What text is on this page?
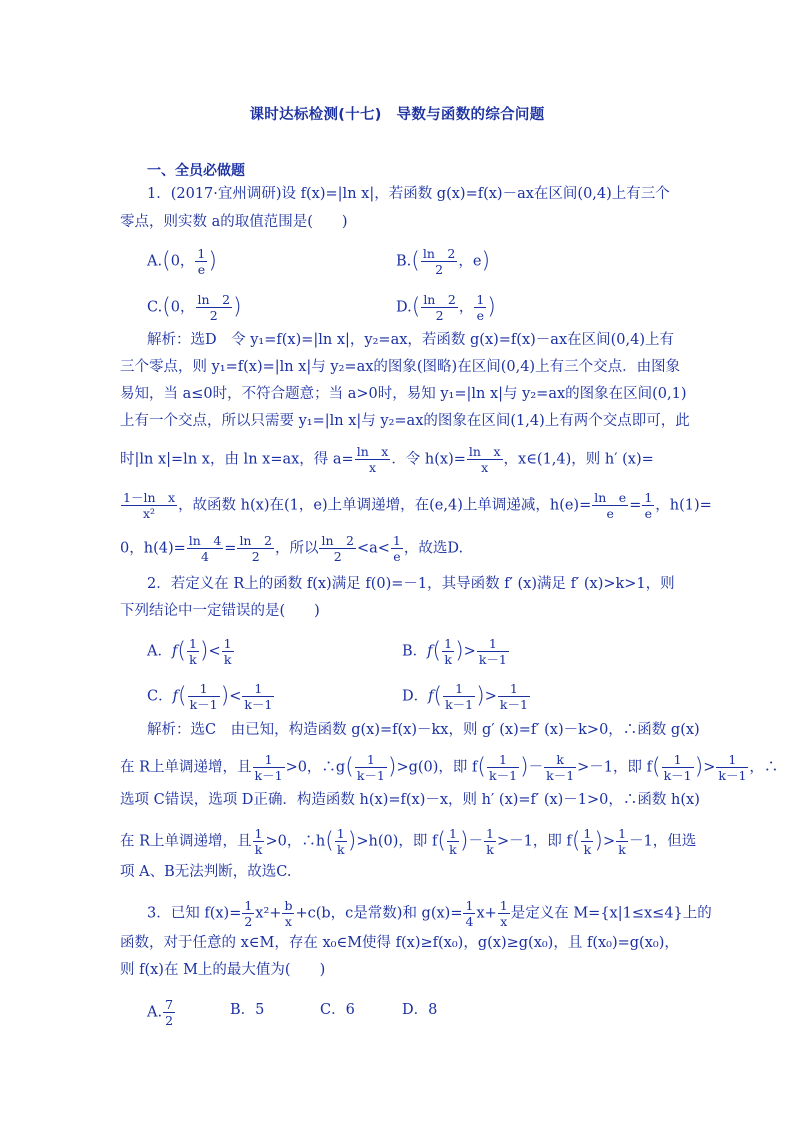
课时达标检测(十七)　导数与函数的综合问题
一、全员必做题
1．(2017·宜州调研)设 f(x)=|ln x|，若函数 g(x)=f(x)－ax在区间(0,4)上有三个
零点，则实数 a的取值范围是(　　)
A.(0， $\frac{1}{e}$ )	$B.( \frac{\ln 2}{2}$ ，e)
C.(0， $\frac{\ln 2}{2}$ )	$D.( \frac{\ln 2}{2}$ ， $\frac{1}{e}$ )
解析：选D　令 y₁=f(x)=|ln x|，y₂=ax，若函数 g(x)=f(x)－ax在区间(0,4)上有
三个零点，则 y₁=f(x)=|ln x|与 y₂=ax的图象(图略)在区间(0,4)上有三个交点．由图象
易知，当 a≤0时，不符合题意；当 a>0时，易知 y₁=|ln x|与 y₂=ax的图象在区间(0,1)
上有一个交点，所以只需要 y₁=|ln x|与 y₂=ax的图象在区间(1,4)上有两个交点即可，此
时|ln x|=ln x，由 ln x=ax，得 $a= \frac{\text{ln　x}}{x}$ ．令 $h(x)= \frac{\text{ln　x}}{x}$ ，x∈(1,4)，则 h′ (x)=
$\frac{\text{1－ln　x}}{\text{x²}}$ ，故函数 h(x)在(1，e)上单调递增，在(e,4)上单调递减，$h(e)= \frac{\text{ln　e}}{e} = \frac{1}{e}$ ，h(1)=
0，$h(4)= \frac{\ln 4}{4} = \frac{\ln 2}{2}$ ，所以 $\frac{\ln 2}{2} <a< \frac{1}{e}$ ，故选D.
2．若定义在 R上的函数 f(x)满足 f(0)=－1，其导函数 f′ (x)满足 f′ (x)>k>1，则
下列结论中一定错误的是(　　)
A．$f( \frac{1}{k}$ )< $\frac{1}{k}$	B．$f( \frac{1}{k}$ )> $\frac{1}{k-1}$
C．$f( \frac{1}{k-1}$ )< $\frac{1}{k-1}$	D．$f( \frac{1}{k-1}$ )> $\frac{1}{k-1}$
解析：选C　由已知，构造函数 g(x)=f(x)－kx，则 g′ (x)=f′ (x)－k>0，∴函数 g(x)
在 R上单调递增，且 $\frac{1}{k-1} >0$，∴g( $\frac{1}{k-1} )>g(0)$，即 $f( \frac{1}{k-1}$ )－ $\frac{k}{k-1} >-1$，即 $f( \frac{1}{k-1}$ )> $\frac{1}{k-1}$ ，∴
选项 C错误，选项 D正确．构造函数 h(x)=f(x)－x，则 h′ (x)=f′ (x)－1>0，∴函数 h(x)
在 R上单调递增，且 $\frac{1}{k} >0$，∴h( $\frac{1}{k} )>h(0)$，即 $f( \frac{1}{k}$ )－ $\frac{1}{k} >-1$，即 $f( \frac{1}{k}$ )> $\frac{1}{k} -1$，但选
项 A、B无法判断，故选C.
3．已知 $f(x)= \frac{1}{2} x^2+ \frac{b}{x} +c(b$，c是常数)和 $g(x)= \frac{1}{4} x+ \frac{1}{x}$ 是定义在 M={x|1≤x≤4}上的
函数，对于任意的 x∈M，存在 x₀∈M使得 f(x)≥f(x₀)，g(x)≥g(x₀)，且 f(x₀)=g(x₀)，
则 f(x)在 M上的最大值为(　　)
A. $\frac{7}{2}$	B．5	C．6	D．8
